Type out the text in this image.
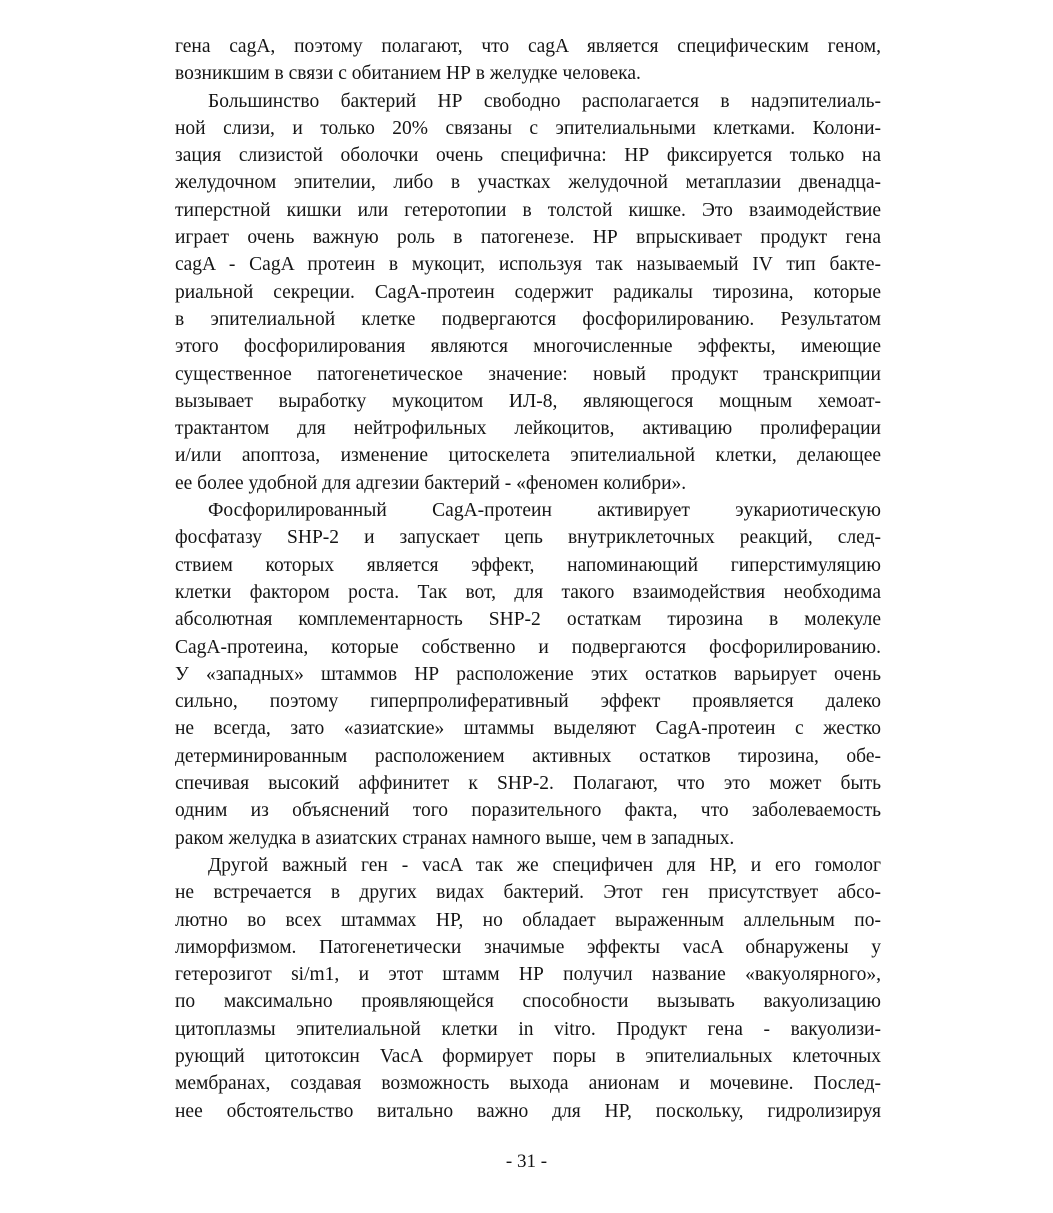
гена cagA, поэтому полагают, что cagA является специфическим геном,
возникшим в связи с обитанием НР в желудке человека.
Большинство бактерий НР свободно располагается в надэпителиаль-
ной слизи, и только 20% связаны с эпителиальными клетками. Колони-
зация слизистой оболочки очень специфична: НР фиксируется только на
желудочном эпителии, либо в участках желудочной метаплазии двенадца-
типерстной кишки или гетеротопии в толстой кишке. Это взаимодействие
играет очень важную роль в патогенезе. НР впрыскивает продукт гена
cagA - CagA протеин в мукоцит, используя так называемый IV тип бакте-
риальной секреции. CagA-протеин содержит радикалы тирозина, которые
в эпителиальной клетке подвергаются фосфорилированию. Результатом
этого фосфорилирования являются многочисленные эффекты, имеющие
существенное патогенетическое значение: новый продукт транскрипции
вызывает выработку мукоцитом ИЛ-8, являющегося мощным хемоат-
трактантом для нейтрофильных лейкоцитов, активацию пролиферации
и/или апоптоза, изменение цитоскелета эпителиальной клетки, делающее
ее более удобной для адгезии бактерий - «феномен колибри».
Фосфорилированный CagA-протеин активирует эукариотическую
фосфатазу SHP-2 и запускает цепь внутриклеточных реакций, след-
ствием которых является эффект, напоминающий гиперстимуляцию
клетки фактором роста. Так вот, для такого взаимодействия необходима
абсолютная комплементарность SHP-2 остаткам тирозина в молекуле
CagA-протеина, которые собственно и подвергаются фосфорилированию.
У «западных» штаммов НР расположение этих остатков варьирует очень
сильно, поэтому гиперпролиферативный эффект проявляется далеко
не всегда, зато «азиатские» штаммы выделяют CagA-протеин с жестко
детерминированным расположением активных остатков тирозина, обе-
спечивая высокий аффинитет к SHP-2. Полагают, что это может быть
одним из объяснений того поразительного факта, что заболеваемость
раком желудка в азиатских странах намного выше, чем в западных.
Другой важный ген - vacA так же специфичен для НР, и его гомолог
не встречается в других видах бактерий. Этот ген присутствует абсо-
лютно во всех штаммах НР, но обладает выраженным аллельным по-
лиморфизмом. Патогенетически значимые эффекты vacA обнаружены у
гетерозигот si/m1, и этот штамм НР получил название «вакуолярного»,
по максимально проявляющейся способности вызывать вакуолизацию
цитоплазмы эпителиальной клетки in vitro. Продукт гена - вакуолизи-
рующий цитотоксин VacA формирует поры в эпителиальных клеточных
мембранах, создавая возможность выхода анионам и мочевине. Послед-
нее обстоятельство витально важно для НР, поскольку, гидролизируя
- 31 -
